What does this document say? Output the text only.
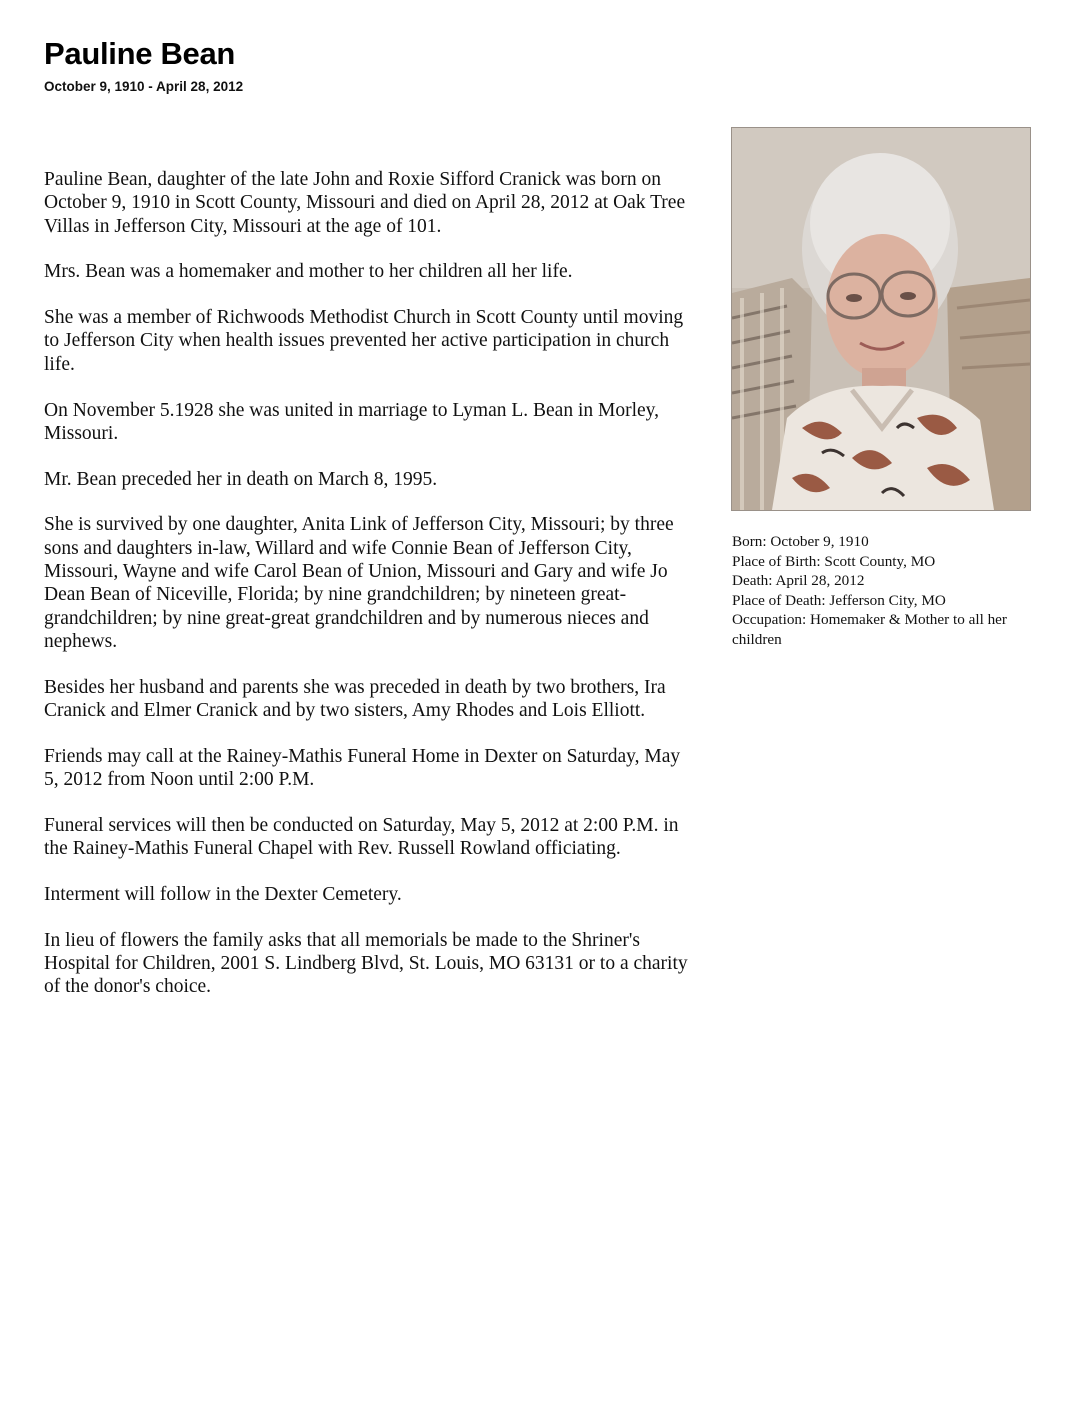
Pauline Bean
October 9, 1910 - April 28, 2012

Pauline Bean, daughter of the late John and Roxie Sifford Cranick was born on October 9, 1910 in Scott County, Missouri and died on April 28, 2012 at Oak Tree Villas in Jefferson City, Missouri at the age of 101.

Mrs. Bean was a homemaker and mother to her children all her life.

She was a member of Richwoods Methodist Church in Scott County until moving to Jefferson City when health issues prevented her active participation in church life.

On November 5.1928 she was united in marriage to Lyman L. Bean in Morley, Missouri.

Mr. Bean preceded her in death on March 8, 1995.

She is survived by one daughter, Anita Link of Jefferson City, Missouri; by three sons and daughters in-law, Willard and wife Connie Bean of Jefferson City, Missouri, Wayne and wife Carol Bean of Union, Missouri and Gary and wife Jo Dean Bean of Niceville, Florida; by nine grandchildren; by nineteen great-grandchildren; by nine great-great grandchildren and by numerous nieces and nephews.

Besides her husband and parents she was preceded in death by two brothers, Ira Cranick and Elmer Cranick and by two sisters, Amy Rhodes and Lois Elliott.

Friends may call at the Rainey-Mathis Funeral Home in Dexter on Saturday, May 5, 2012 from Noon until 2:00 P.M.

Funeral services will then be conducted on Saturday, May 5, 2012 at 2:00 P.M. in the Rainey-Mathis Funeral Chapel with Rev. Russell Rowland officiating.

Interment will follow in the Dexter Cemetery.

In lieu of flowers the family asks that all memorials be made to the Shriner's Hospital for Children, 2001 S. Lindberg Blvd, St. Louis, MO 63131 or to a charity of the donor's choice.

Born: October 9, 1910
Place of Birth: Scott County, MO
Death: April 28, 2012
Place of Death: Jefferson City, MO
Occupation: Homemaker & Mother to all her children
